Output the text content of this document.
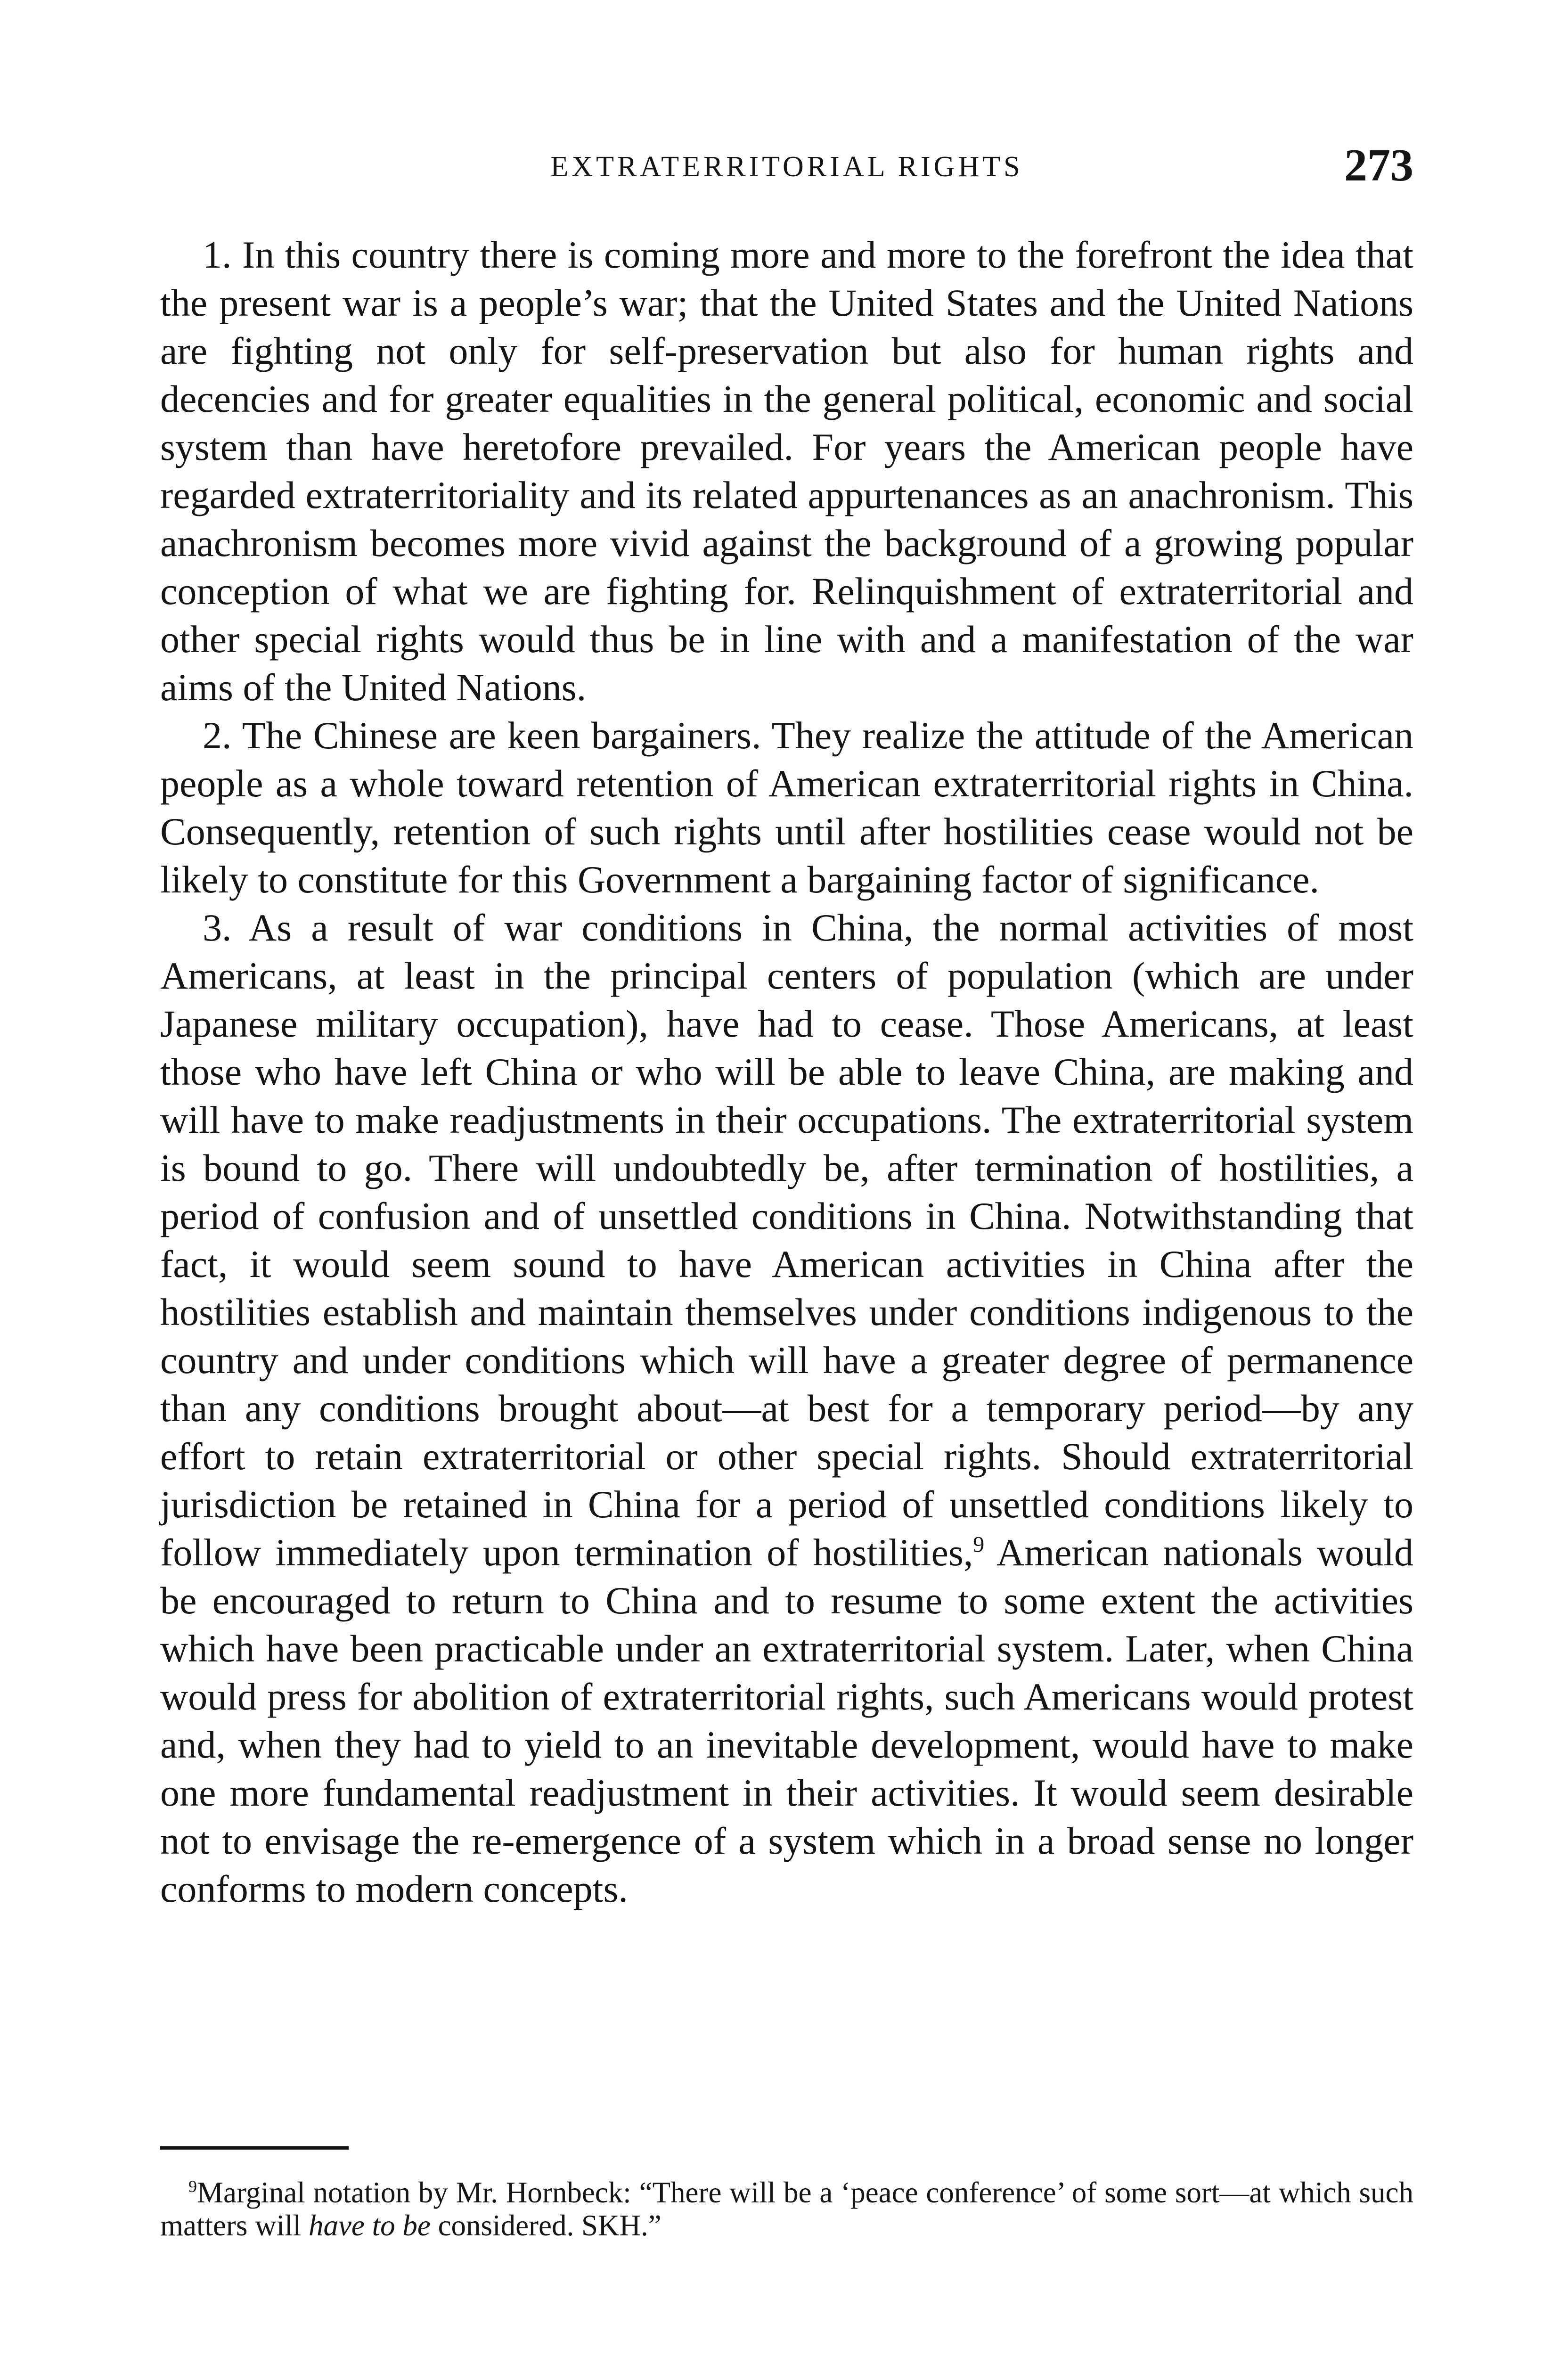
EXTRATERRITORIAL RIGHTS	273

1. In this country there is coming more and more to the forefront the idea that the present war is a people’s war; that the United States and the United Nations are fighting not only for self-preservation but also for human rights and decencies and for greater equalities in the general political, economic and social system than have heretofore prevailed. For years the American people have regarded extraterritoriality and its related appurtenances as an anachronism. This anachronism becomes more vivid against the background of a growing popular conception of what we are fighting for. Relinquishment of extraterritorial and other special rights would thus be in line with and a manifestation of the war aims of the United Nations.

2. The Chinese are keen bargainers. They realize the attitude of the American people as a whole toward retention of American extraterritorial rights in China. Consequently, retention of such rights until after hostilities cease would not be likely to constitute for this Government a bargaining factor of significance.

3. As a result of war conditions in China, the normal activities of most Americans, at least in the principal centers of population (which are under Japanese military occupation), have had to cease. Those Americans, at least those who have left China or who will be able to leave China, are making and will have to make readjustments in their occupations. The extraterritorial system is bound to go. There will undoubtedly be, after termination of hostilities, a period of confusion and of unsettled conditions in China. Notwithstanding that fact, it would seem sound to have American activities in China after the hostilities establish and maintain themselves under conditions indigenous to the country and under conditions which will have a greater degree of permanence than any conditions brought about—at best for a temporary period—by any effort to retain extraterritorial or other special rights. Should extraterritorial jurisdiction be retained in China for a period of unsettled conditions likely to follow immediately upon termination of hostilities,$^9$ American nationals would be encouraged to return to China and to resume to some extent the activities which have been practicable under an extraterritorial system. Later, when China would press for abolition of extraterritorial rights, such Americans would protest and, when they had to yield to an inevitable development, would have to make one more fundamental readjustment in their activities. It would seem desirable not to envisage the re-emergence of a system which in a broad sense no longer conforms to modern concepts.

$^9$Marginal notation by Mr. Hornbeck: “There will be a ‘peace conference’ of some sort—at which such matters will have to be considered. SKH.”
